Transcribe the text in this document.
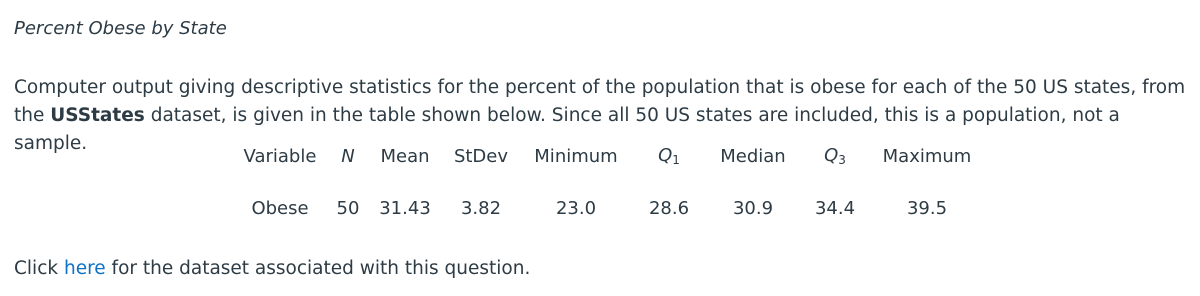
Percent Obese by State
Computer output giving descriptive statistics for the percent of the population that is obese for each of the 50 US states, from the USStates dataset, is given in the table shown below. Since all 50 US states are included, this is a population, not a sample.
Variable	N	Mean	StDev	Minimum	$Q_1$	Median	$Q_3$	Maximum
Obese	50	31.43	3.82	23.0	28.6	30.9	34.4	39.5
Click here for the dataset associated with this question.
